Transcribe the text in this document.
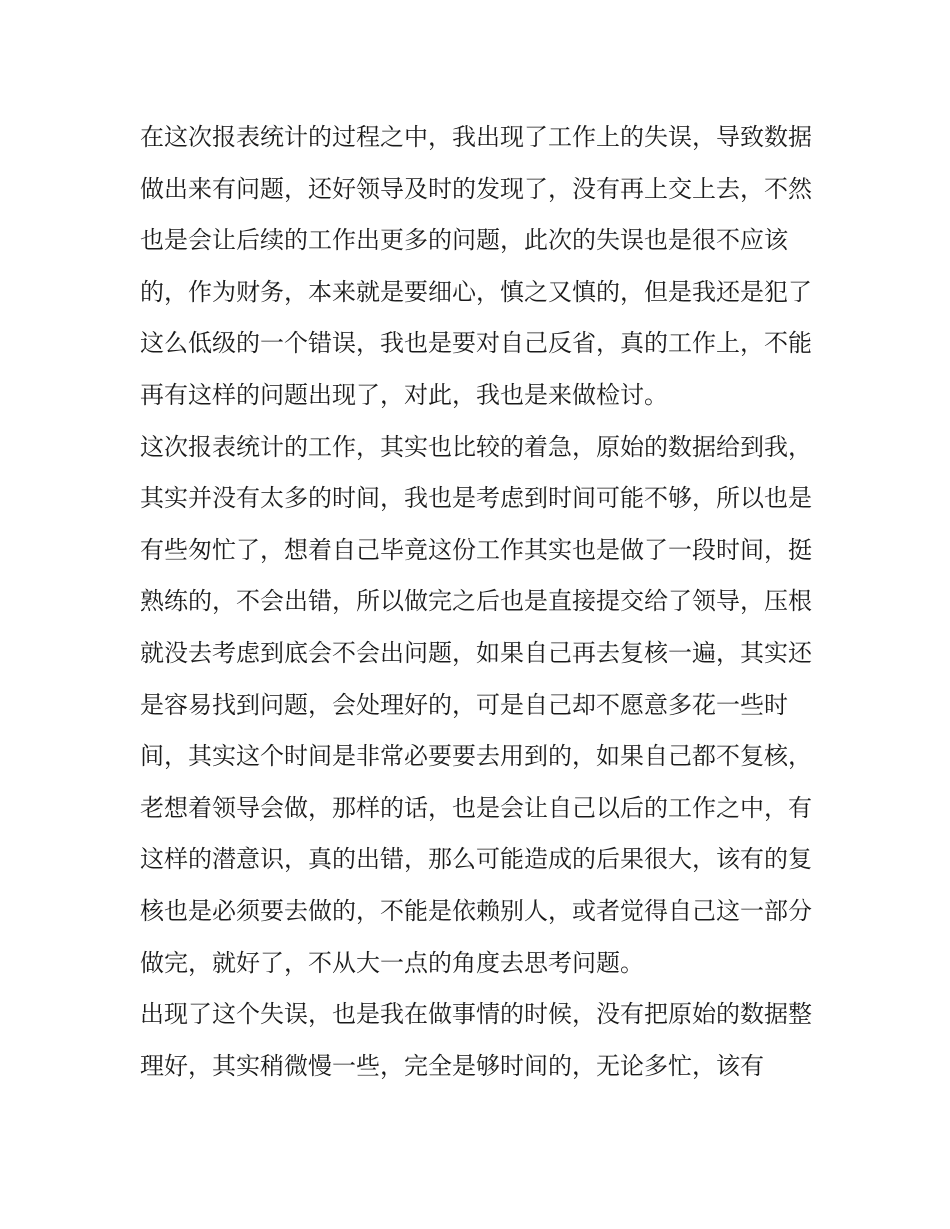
在这次报表统计的过程之中，我出现了工作上的失误，导致数据做出来有问题，还好领导及时的发现了，没有再上交上去，不然也是会让后续的工作出更多的问题，此次的失误也是很不应该的，作为财务，本来就是要细心，慎之又慎的，但是我还是犯了这么低级的一个错误，我也是要对自己反省，真的工作上，不能再有这样的问题出现了，对此，我也是来做检讨。

这次报表统计的工作，其实也比较的着急，原始的数据给到我，其实并没有太多的时间，我也是考虑到时间可能不够，所以也是有些匆忙了，想着自己毕竟这份工作其实也是做了一段时间，挺熟练的，不会出错，所以做完之后也是直接提交给了领导，压根就没去考虑到底会不会出问题，如果自己再去复核一遍，其实还是容易找到问题，会处理好的，可是自己却不愿意多花一些时间，其实这个时间是非常必要要去用到的，如果自己都不复核，老想着领导会做，那样的话，也是会让自己以后的工作之中，有这样的潜意识，真的出错，那么可能造成的后果很大，该有的复核也是必须要去做的，不能是依赖别人，或者觉得自己这一部分做完，就好了，不从大一点的角度去思考问题。

出现了这个失误，也是我在做事情的时候，没有把原始的数据整理好，其实稍微慢一些，完全是够时间的，无论多忙，该有
